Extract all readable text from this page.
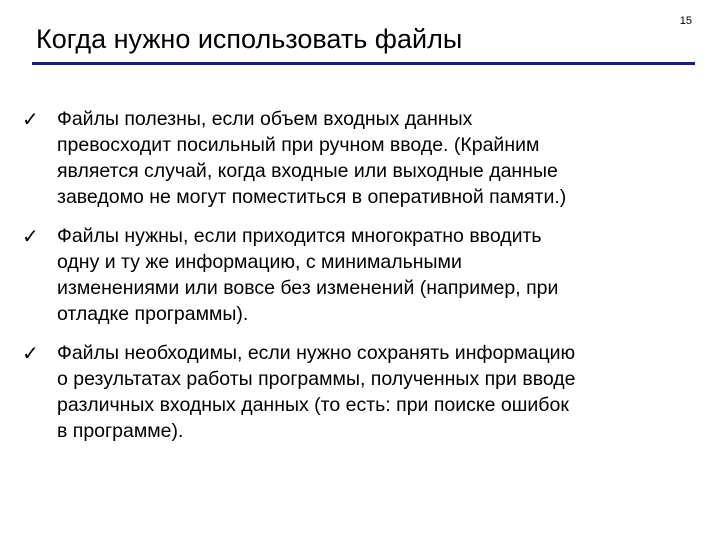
Когда нужно использовать файлы
15
✓ Файлы полезны, если объем входных данных
превосходит посильный при ручном вводе. (Крайним
является случай, когда входные или выходные данные
заведомо не могут поместиться в оперативной памяти.)
✓ Файлы нужны, если приходится многократно вводить
одну и ту же информацию, с минимальными
изменениями или вовсе без изменений (например, при
отладке программы).
✓ Файлы необходимы, если нужно сохранять информацию
о результатах работы программы, полученных при вводе
различных входных данных (то есть: при поиске ошибок
в программе).
